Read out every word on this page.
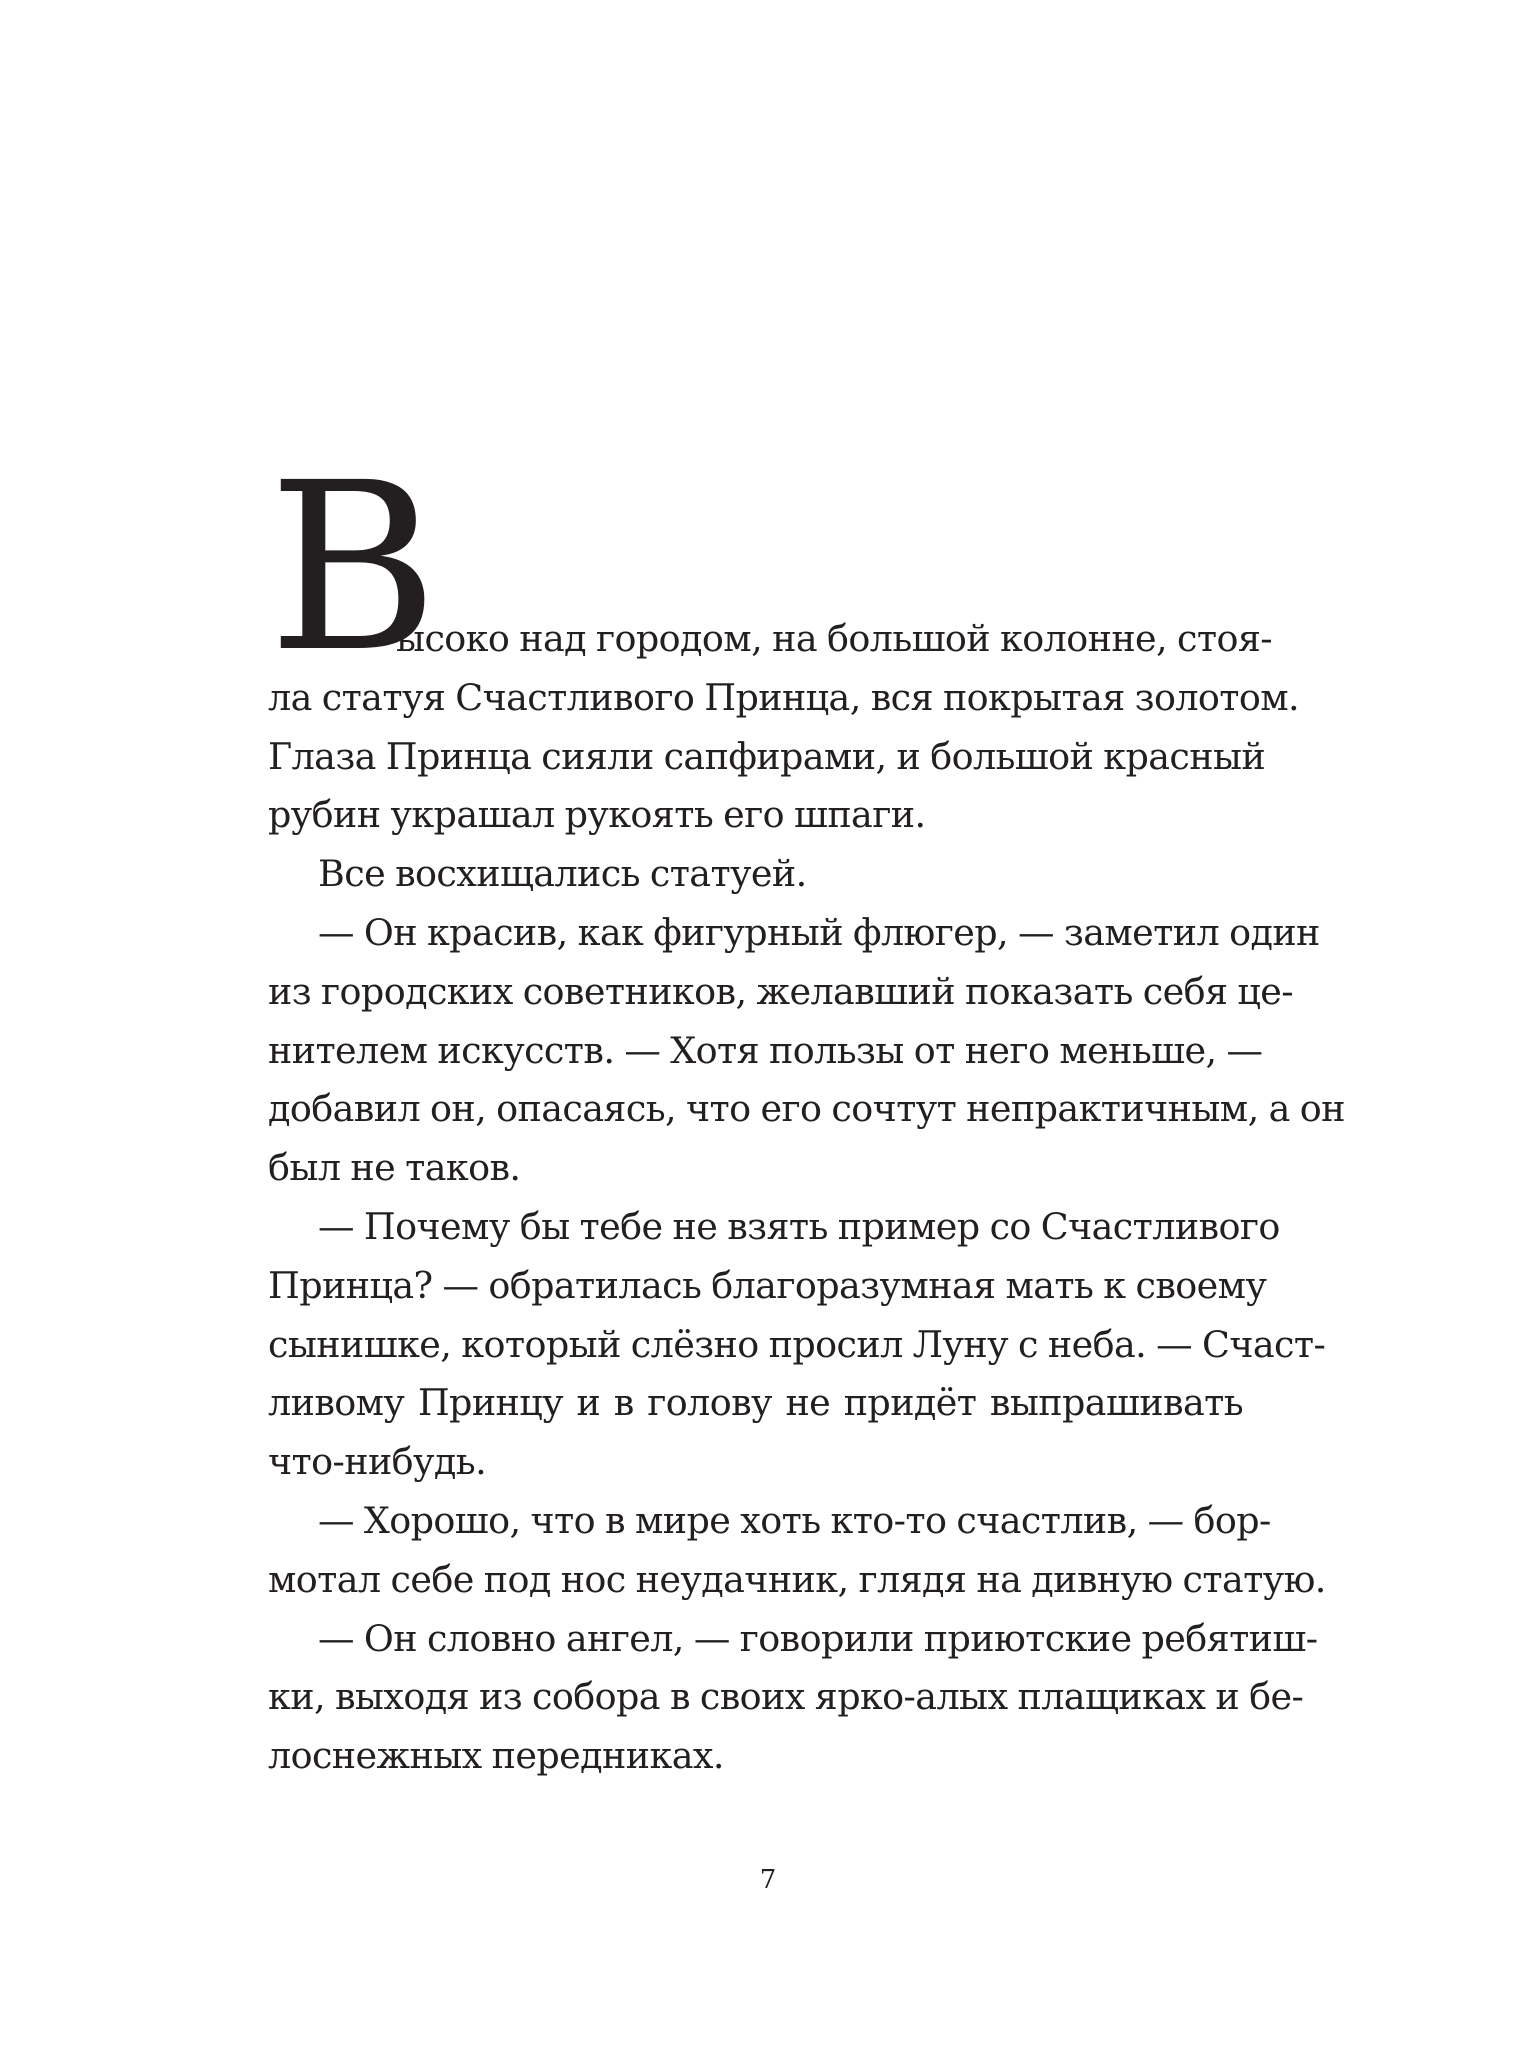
В
ысоко над городом, на большой колонне, стоя-
ла статуя Счастливого Принца, вся покрытая золотом.
Глаза Принца сияли сапфирами, и большой красный
рубин украшал рукоять его шпаги.
Все восхищались статуей.
— Он красив, как фигурный флюгер, — заметил один
из городских советников, желавший показать себя це-
нителем искусств. — Хотя пользы от него меньше, —
добавил он, опасаясь, что его сочтут непрактичным, а он
был не таков.
— Почему бы тебе не взять пример со Счастливого
Принца? — обратилась благоразумная мать к своему
сынишке, который слёзно просил Луну с неба. — Счаст-
ливому Принцу и в голову не придёт выпрашивать
что-нибудь.
— Хорошо, что в мире хоть кто-то счастлив, — бор-
мотал себе под нос неудачник, глядя на дивную статую.
— Он словно ангел, — говорили приютские ребятиш-
ки, выходя из собора в своих ярко-алых плащиках и бе-
лоснежных передниках.
7
